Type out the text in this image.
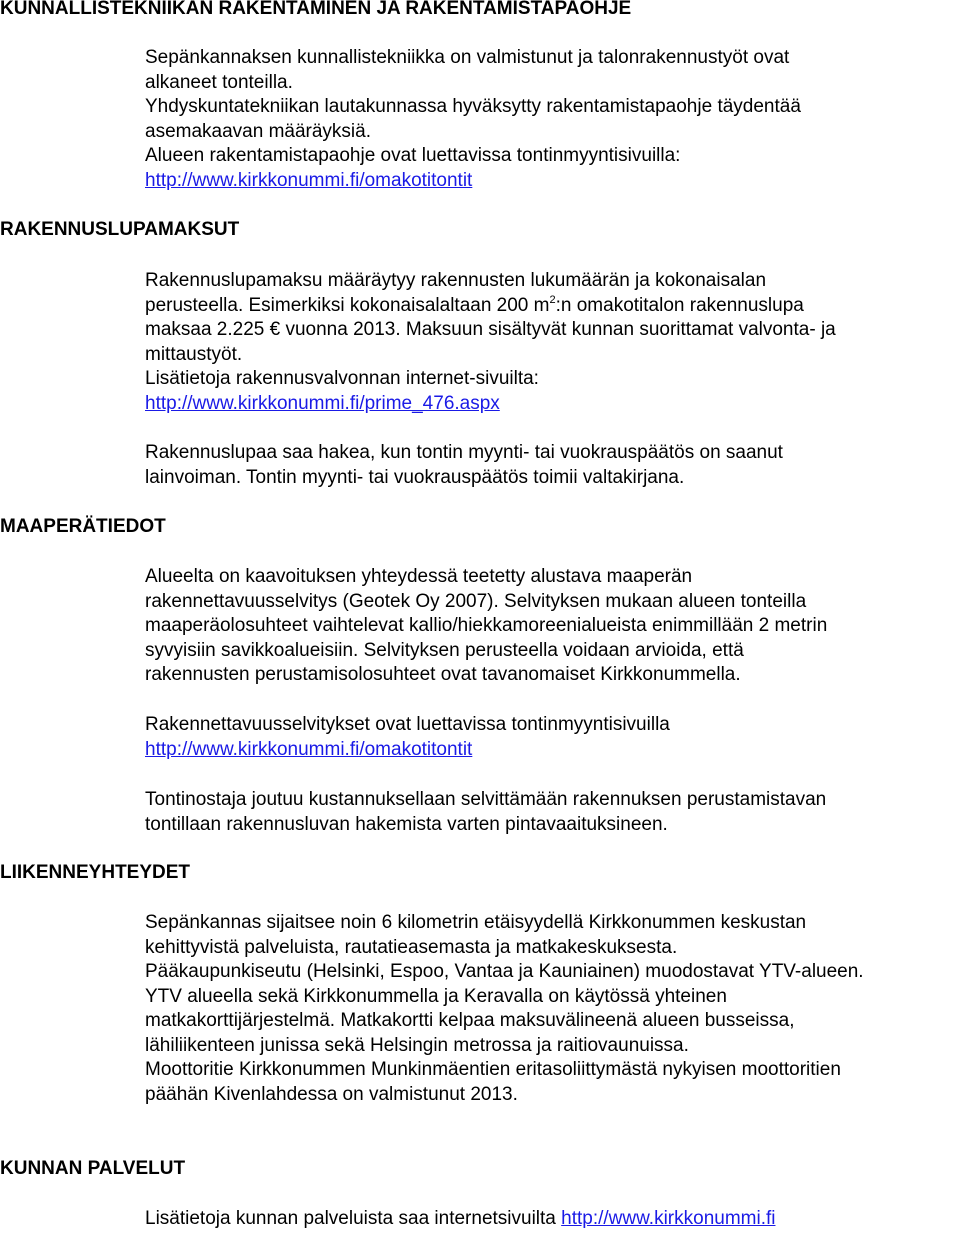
KUNNALLISTEKNIIKAN RAKENTAMINEN JA RAKENTAMISTAPAOHJE
RAKENNUSLUPAMAKSUT
MAAPERÄTIEDOT
LIIKENNEYHTEYDET
KUNNAN PALVELUT
Sepänkannaksen kunnallistekniikka on valmistunut ja talonrakennustyöt ovat
alkaneet tonteilla.
Yhdyskuntatekniikan lautakunnassa hyväksytty rakentamistapaohje täydentää
asemakaavan määräyksiä.
Alueen rakentamistapaohje ovat luettavissa tontinmyyntisivuilla:
http://www.kirkkonummi.fi/omakotitontit
Rakennuslupamaksu määräytyy rakennusten lukumäärän ja kokonaisalan
perusteella. Esimerkiksi kokonaisalaltaan 200 $m^2:n$ omakotitalon rakennuslupa
maksaa 2.225 € vuonna 2013. Maksuun sisältyvät kunnan suorittamat valvonta- ja
mittaustyöt.
Lisätietoja rakennusvalvonnan internet-sivuilta:
http://www.kirkkonummi.fi/prime_476.aspx
Rakennuslupaa saa hakea, kun tontin myynti- tai vuokrauspäätös on saanut
lainvoiman. Tontin myynti- tai vuokrauspäätös toimii valtakirjana.
Alueelta on kaavoituksen yhteydessä teetetty alustava maaperän
rakennettavuusselvitys (Geotek Oy 2007). Selvityksen mukaan alueen tonteilla
maaperäolosuhteet vaihtelevat kallio/hiekkamoreenialueista enimmillään 2 metrin
syvyisiin savikkoalueisiin. Selvityksen perusteella voidaan arvioida, että
rakennusten perustamisolosuhteet ovat tavanomaiset Kirkkonummella.
Rakennettavuusselvitykset ovat luettavissa tontinmyyntisivuilla
http://www.kirkkonummi.fi/omakotitontit
Tontinostaja joutuu kustannuksellaan selvittämään rakennuksen perustamistavan
tontillaan rakennusluvan hakemista varten pintavaaituksineen.
Sepänkannas sijaitsee noin 6 kilometrin etäisyydellä Kirkkonummen keskustan
kehittyvistä palveluista, rautatieasemasta ja matkakeskuksesta.
Pääkaupunkiseutu (Helsinki, Espoo, Vantaa ja Kauniainen) muodostavat YTV-alueen.
YTV alueella sekä Kirkkonummella ja Keravalla on käytössä yhteinen
matkakorttijärjestelmä. Matkakortti kelpaa maksuvälineenä alueen busseissa,
lähiliikenteen junissa sekä Helsingin metrossa ja raitiovaunuissa.
Moottoritie Kirkkonummen Munkinmäentien eritasoliittymästä nykyisen moottoritien
päähän Kivenlahdessa on valmistunut 2013.
Lisätietoja kunnan palveluista saa internetsivuilta http://www.kirkkonummi.fi
